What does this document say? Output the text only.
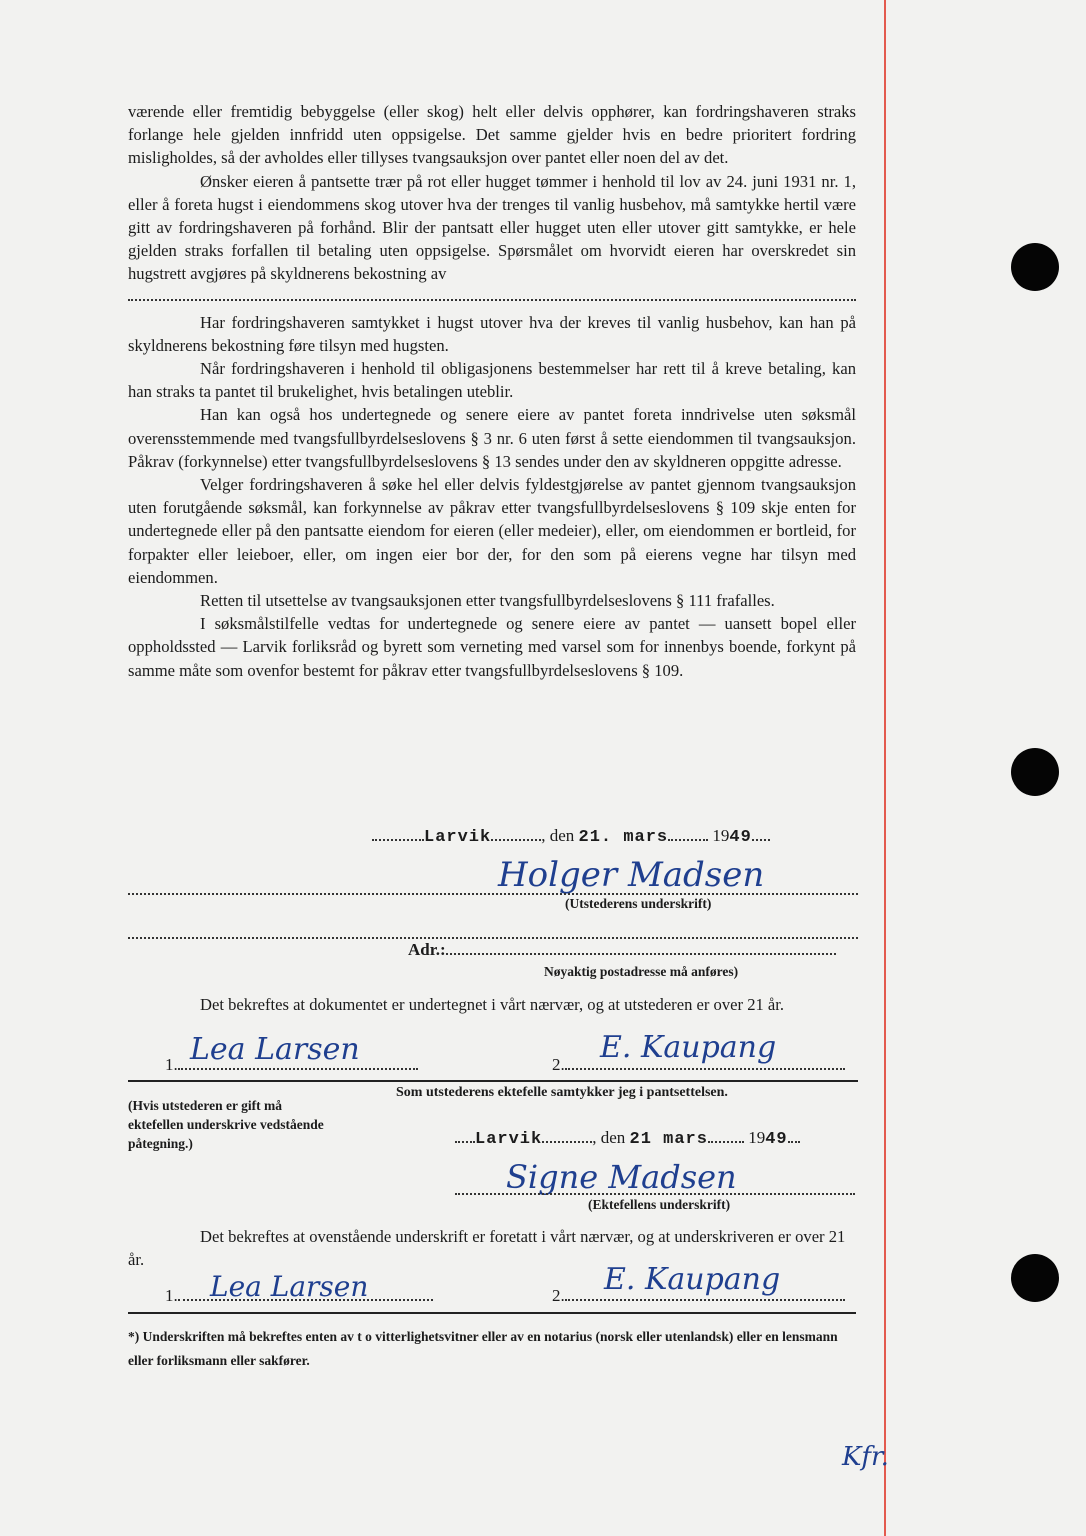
værende eller fremtidig bebyggelse (eller skog) helt eller delvis opphører, kan fordringshaveren straks forlange hele gjelden innfridd uten oppsigelse. Det samme gjelder hvis en bedre prioritert fordring misligholdes, så der avholdes eller tillyses tvangsauksjon over pantet eller noen del av det.

Ønsker eieren å pantsette trær på rot eller hugget tømmer i henhold til lov av 24. juni 1931 nr. 1, eller å foreta hugst i eiendommens skog utover hva der trenges til vanlig husbehov, må samtykke hertil være gitt av fordringshaveren på forhånd. Blir der pantsatt eller hugget uten eller utover gitt samtykke, er hele gjelden straks forfallen til betaling uten oppsigelse. Spørsmålet om hvorvidt eieren har overskredet sin hugstrett avgjøres på skyldnerens bekostning av

Har fordringshaveren samtykket i hugst utover hva der kreves til vanlig husbehov, kan han på skyldnerens bekostning føre tilsyn med hugsten.

Når fordringshaveren i henhold til obligasjonens bestemmelser har rett til å kreve betaling, kan han straks ta pantet til brukelighet, hvis betalingen uteblir.

Han kan også hos undertegnede og senere eiere av pantet foreta inndrivelse uten søksmål overensstemmende med tvangsfullbyrdelseslovens § 3 nr. 6 uten først å sette eiendommen til tvangsauksjon. Påkrav (forkynnelse) etter tvangsfullbyrdelseslovens § 13 sendes under den av skyldneren oppgitte adresse.

Velger fordringshaveren å søke hel eller delvis fyldestgjørelse av pantet gjennom tvangsauksjon uten forutgående søksmål, kan forkynnelse av påkrav etter tvangsfullbyrdelseslovens § 109 skje enten for undertegnede eller på den pantsatte eiendom for eieren (eller medeier), eller, om eiendommen er bortleid, for forpakter eller leieboer, eller, om ingen eier bor der, for den som på eierens vegne har tilsyn med eiendommen.

Retten til utsettelse av tvangsauksjonen etter tvangsfullbyrdelseslovens § 111 frafalles.

I søksmålstilfelle vedtas for undertegnede og senere eiere av pantet — uansett bopel eller oppholdssted — Larvik forliksråd og byrett som verneting med varsel som for innenbys boende, forkynt på samme måte som ovenfor bestemt for påkrav etter tvangsfullbyrdelseslovens § 109.

Larvik	, den 21. mars	1949
Holger Madsen
(Utstederens underskrift)
Adr.:
Nøyaktig postadresse må anføres)
Det bekreftes at dokumentet er undertegnet i vårt nærvær, og at utstederen er over 21 år.
Lea Larsen	E. Kaupang
1.	2.
Som utstederens ektefelle samtykker jeg i pantsettelsen.
(Hvis utstederen er gift må ektefellen underskrive vedstående påtegning.)	Larvik	, den 21 mars 1949
Signe Madsen
(Ektefellens underskrift)
Det bekreftes at ovenstående underskrift er foretatt i vårt nærvær, og at underskriveren er over 21 år.
Lea Larsen	E. Kaupang
1.	2.
*) Underskriften må bekreftes enten av t o vitterlighetsvitner eller av en notarius (norsk eller utenlandsk) eller en lensmann eller forliksmann eller sakfører.
Kfr.
